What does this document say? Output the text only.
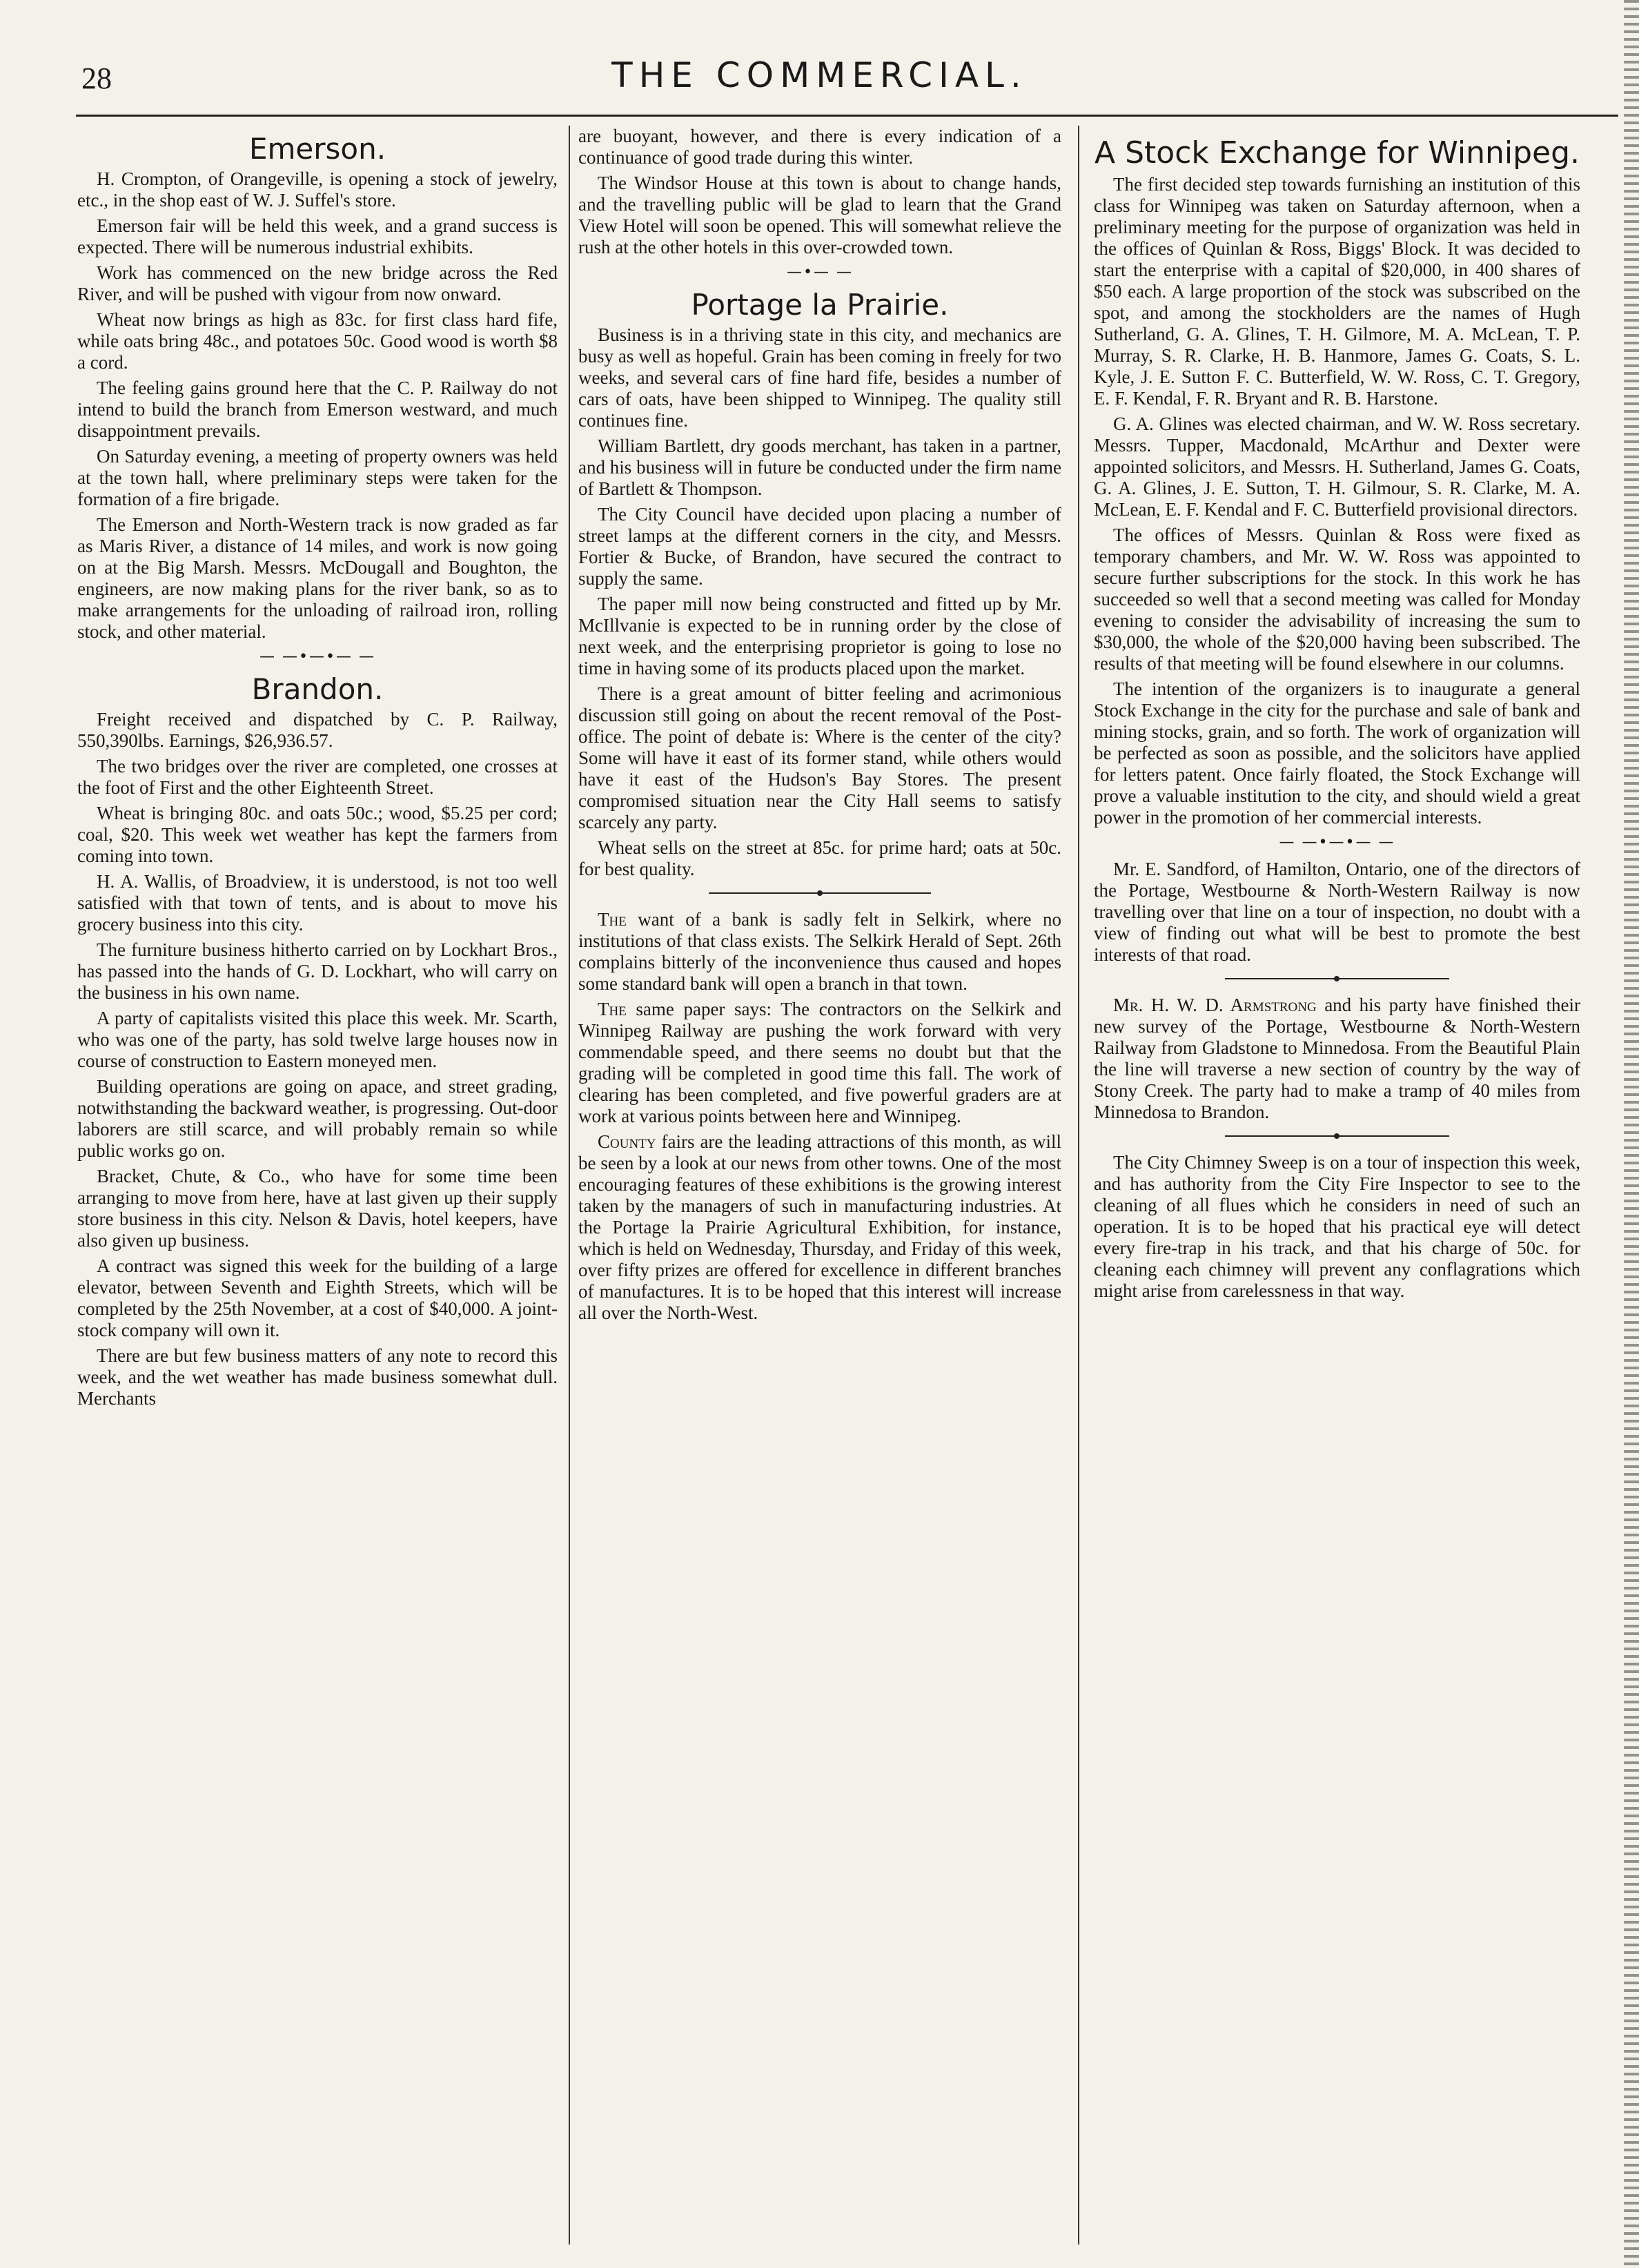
28	THE COMMERCIAL.
Emerson.

H. Crompton, of Orangeville, is opening a stock of jewelry, etc., in the shop east of W. J. Suffel's store.

Emerson fair will be held this week, and a grand success is expected. There will be numerous industrial exhibits.

Work has commenced on the new bridge across the Red River, and will be pushed with vigour from now onward.

Wheat now brings as high as 83c. for first class hard fife, while oats bring 48c., and potatoes 50c. Good wood is worth $8 a cord.

The feeling gains ground here that the C. P. Railway do not intend to build the branch from Emerson westward, and much disappointment prevails.

On Saturday evening, a meeting of property owners was held at the town hall, where preliminary steps were taken for the formation of a fire brigade.

The Emerson and North-Western track is now graded as far as Maris River, a distance of 14 miles, and work is now going on at the Big Marsh. Messrs. McDougall and Boughton, the engineers, are now making plans for the river bank, so as to make arrangements for the unloading of railroad iron, rolling stock, and other material.

— —•—•— —
Brandon.

Freight received and dispatched by C. P. Railway, 550,390lbs. Earnings, $26,936.57.

The two bridges over the river are completed, one crosses at the foot of First and the other Eighteenth Street.

Wheat is bringing 80c. and oats 50c.; wood, $5.25 per cord; coal, $20. This week wet weather has kept the farmers from coming into town.

H. A. Wallis, of Broadview, it is understood, is not too well satisfied with that town of tents, and is about to move his grocery business into this city.

The furniture business hitherto carried on by Lockhart Bros., has passed into the hands of G. D. Lockhart, who will carry on the business in his own name.

A party of capitalists visited this place this week. Mr. Scarth, who was one of the party, has sold twelve large houses now in course of construction to Eastern moneyed men.

Building operations are going on apace, and street grading, notwithstanding the backward weather, is progressing. Out-door laborers are still scarce, and will probably remain so while public works go on.

Bracket, Chute, & Co., who have for some time been arranging to move from here, have at last given up their supply store business in this city. Nelson & Davis, hotel keepers, have also given up business.

A contract was signed this week for the building of a large elevator, between Seventh and Eighth Streets, which will be completed by the 25th November, at a cost of $40,000. A joint-stock company will own it.

There are but few business matters of any note to record this week, and the wet weather has made business somewhat dull. Merchants

are buoyant, however, and there is every indication of a continuance of good trade during this winter.

The Windsor House at this town is about to change hands, and the travelling public will be glad to learn that the Grand View Hotel will soon be opened. This will somewhat relieve the rush at the other hotels in this over-crowded town.

—•— —
Portage la Prairie.

Business is in a thriving state in this city, and mechanics are busy as well as hopeful. Grain has been coming in freely for two weeks, and several cars of fine hard fife, besides a number of cars of oats, have been shipped to Winnipeg. The quality still continues fine.

William Bartlett, dry goods merchant, has taken in a partner, and his business will in future be conducted under the firm name of Bartlett & Thompson.

The City Council have decided upon placing a number of street lamps at the different corners in the city, and Messrs. Fortier & Bucke, of Brandon, have secured the contract to supply the same.

The paper mill now being constructed and fitted up by Mr. McIllvanie is expected to be in running order by the close of next week, and the enterprising proprietor is going to lose no time in having some of its products placed upon the market.

There is a great amount of bitter feeling and acrimonious discussion still going on about the recent removal of the Post-office. The point of debate is: Where is the center of the city? Some will have it east of its former stand, while others would have it east of the Hudson's Bay Stores. The present compromised situation near the City Hall seems to satisfy scarcely any party.

Wheat sells on the street at 85c. for prime hard; oats at 50c. for best quality.

The want of a bank is sadly felt in Selkirk, where no institutions of that class exists. The Selkirk Herald of Sept. 26th complains bitterly of the inconvenience thus caused and hopes some standard bank will open a branch in that town.

The same paper says: The contractors on the Selkirk and Winnipeg Railway are pushing the work forward with very commendable speed, and there seems no doubt but that the grading will be completed in good time this fall. The work of clearing has been completed, and five powerful graders are at work at various points between here and Winnipeg.

County fairs are the leading attractions of this month, as will be seen by a look at our news from other towns. One of the most encouraging features of these exhibitions is the growing interest taken by the managers of such in manufacturing industries. At the Portage la Prairie Agricultural Exhibition, for instance, which is held on Wednesday, Thursday, and Friday of this week, over fifty prizes are offered for excellence in different branches of manufactures. It is to be hoped that this interest will increase all over the North-West.

A Stock Exchange for Winnipeg.

The first decided step towards furnishing an institution of this class for Winnipeg was taken on Saturday afternoon, when a preliminary meeting for the purpose of organization was held in the offices of Quinlan & Ross, Biggs' Block. It was decided to start the enterprise with a capital of $20,000, in 400 shares of $50 each. A large proportion of the stock was subscribed on the spot, and among the stockholders are the names of Hugh Sutherland, G. A. Glines, T. H. Gilmore, M. A. McLean, T. P. Murray, S. R. Clarke, H. B. Hanmore, James G. Coats, S. L. Kyle, J. E. Sutton F. C. Butterfield, W. W. Ross, C. T. Gregory, E. F. Kendal, F. R. Bryant and R. B. Harstone.

G. A. Glines was elected chairman, and W. W. Ross secretary. Messrs. Tupper, Macdonald, McArthur and Dexter were appointed solicitors, and Messrs. H. Sutherland, James G. Coats, G. A. Glines, J. E. Sutton, T. H. Gilmour, S. R. Clarke, M. A. McLean, E. F. Kendal and F. C. Butterfield provisional directors.

The offices of Messrs. Quinlan & Ross were fixed as temporary chambers, and Mr. W. W. Ross was appointed to secure further subscriptions for the stock. In this work he has succeeded so well that a second meeting was called for Monday evening to consider the advisability of increasing the sum to $30,000, the whole of the $20,000 having been subscribed. The results of that meeting will be found elsewhere in our columns.

The intention of the organizers is to inaugurate a general Stock Exchange in the city for the purchase and sale of bank and mining stocks, grain, and so forth. The work of organization will be perfected as soon as possible, and the solicitors have applied for letters patent. Once fairly floated, the Stock Exchange will prove a valuable institution to the city, and should wield a great power in the promotion of her commercial interests.

— —•—•— —

Mr. E. Sandford, of Hamilton, Ontario, one of the directors of the Portage, Westbourne & North-Western Railway is now travelling over that line on a tour of inspection, no doubt with a view of finding out what will be best to promote the best interests of that road.

Mr. H. W. D. Armstrong and his party have finished their new survey of the Portage, Westbourne & North-Western Railway from Gladstone to Minnedosa. From the Beautiful Plain the line will traverse a new section of country by the way of Stony Creek. The party had to make a tramp of 40 miles from Minnedosa to Brandon.

The City Chimney Sweep is on a tour of inspection this week, and has authority from the City Fire Inspector to see to the cleaning of all flues which he considers in need of such an operation. It is to be hoped that his practical eye will detect every fire-trap in his track, and that his charge of 50c. for cleaning each chimney will prevent any conflagrations which might arise from carelessness in that way.
